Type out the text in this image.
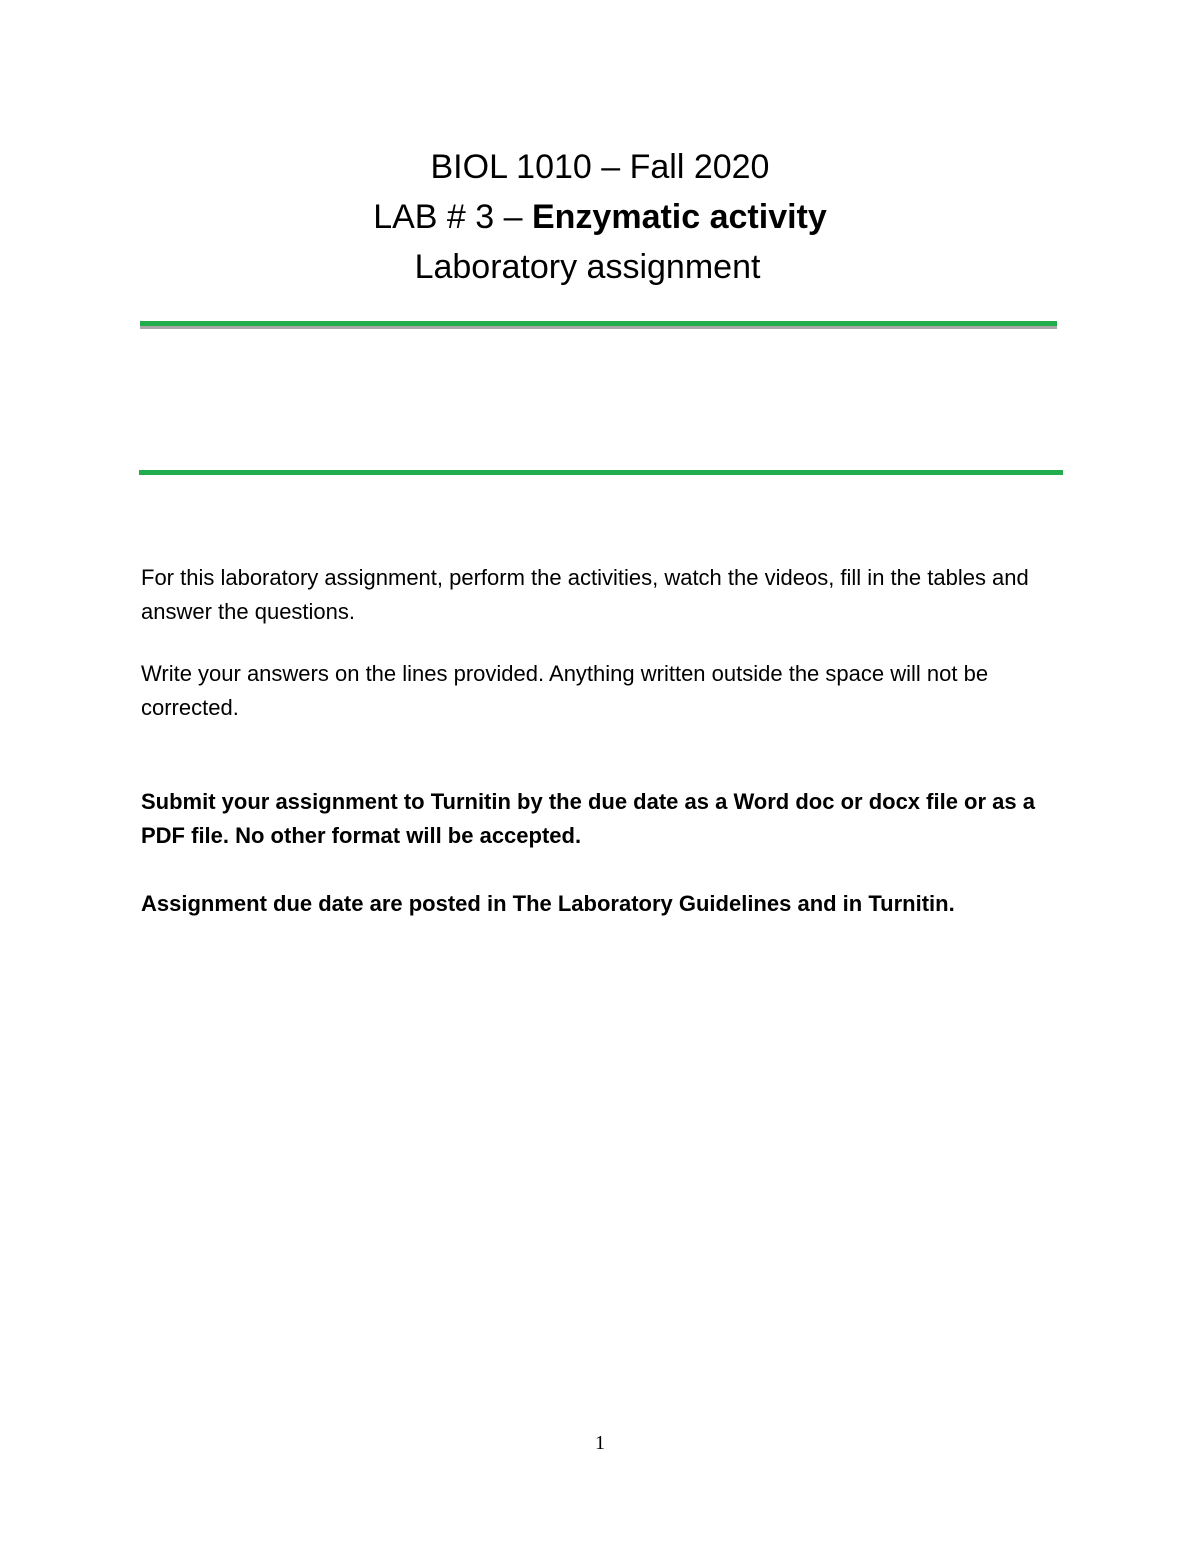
BIOL 1010 – Fall 2020
LAB # 3 – Enzymatic activity
Laboratory assignment
For this laboratory assignment, perform the activities, watch the videos, fill in the tables and answer the questions.
Write your answers on the lines provided. Anything written outside the space will not be corrected.
Submit your assignment to Turnitin by the due date as a Word doc or docx file or as a PDF file. No other format will be accepted.
Assignment due date are posted in The Laboratory Guidelines and in Turnitin.
1
